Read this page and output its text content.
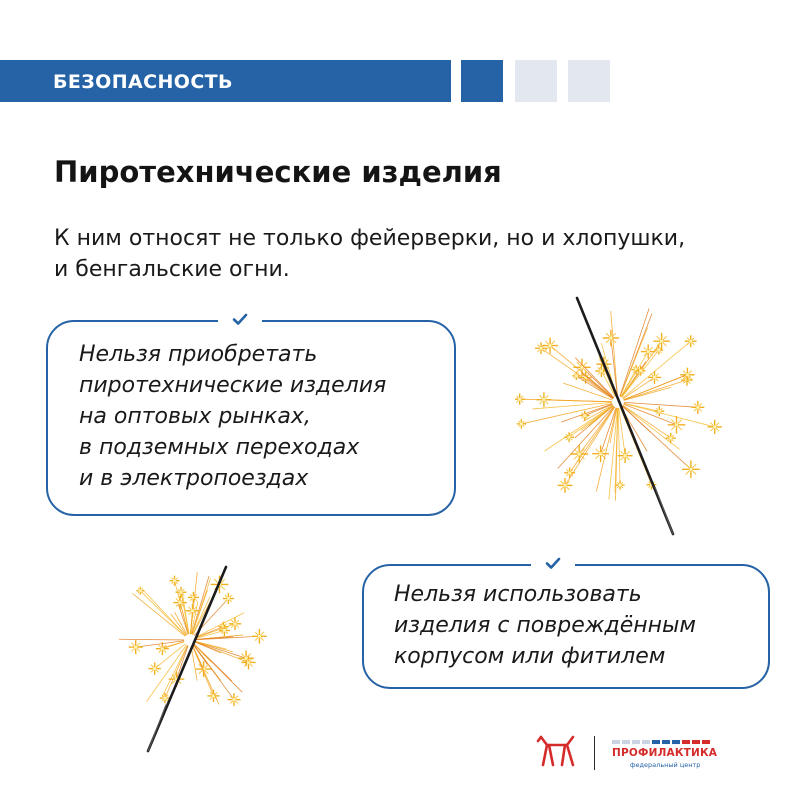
БЕЗОПАСНОСТЬ
Пиротехнические изделия

К ним относят не только фейерверки, но и хлопушки,
и бенгальские огни.

Нельзя приобретать
пиротехнические изделия
на оптовых рынках,
в подземных переходах
и в электропоездах

Нельзя использовать
изделия с повреждённым
корпусом или фитилем

ПРОФИЛАКТИКА
федеральный центр
